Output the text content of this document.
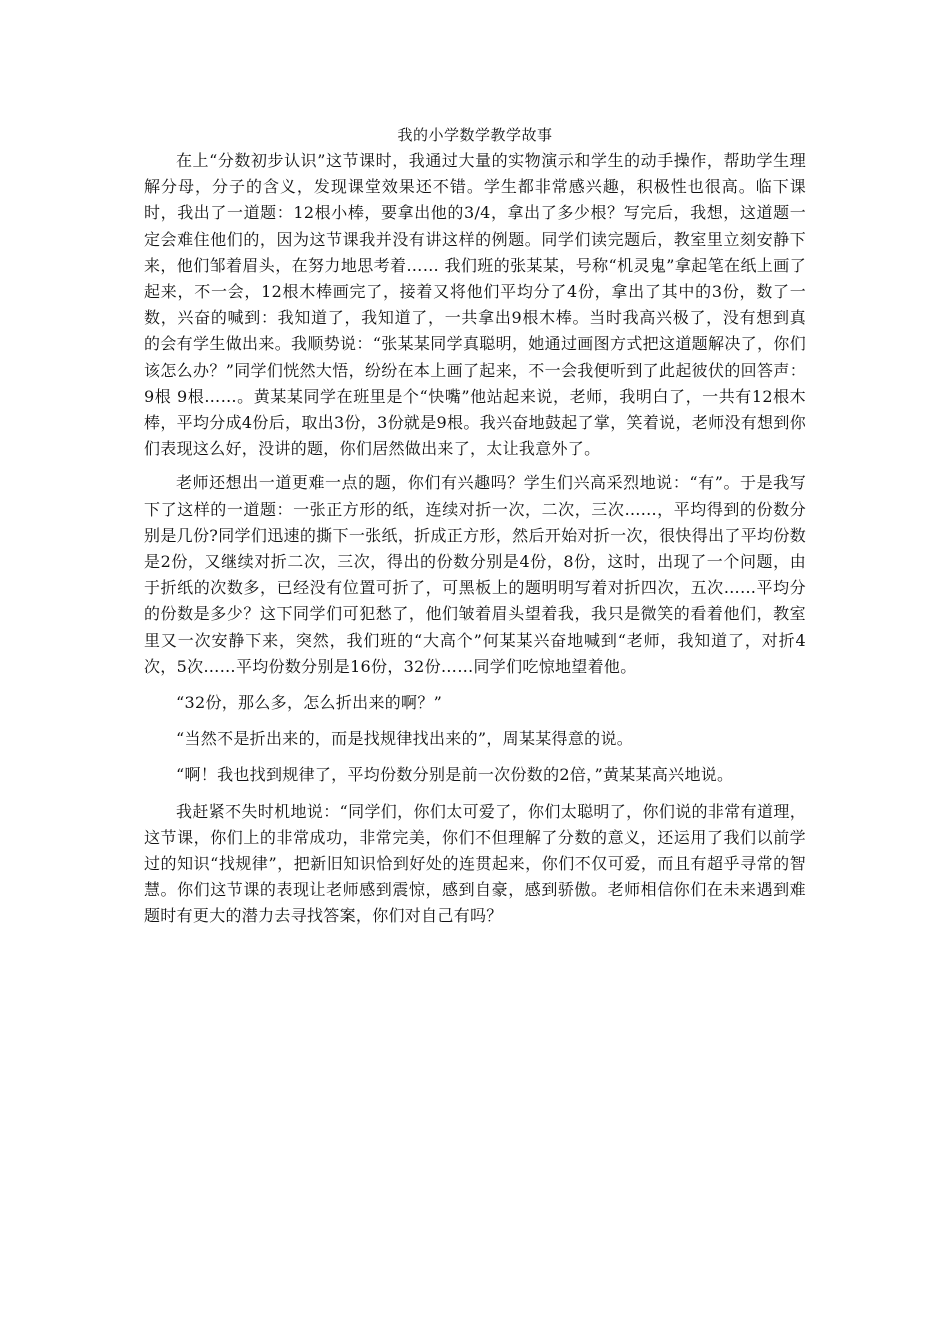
我的小学数学教学故事

在上“分数初步认识”这节课时，我通过大量的实物演示和学生的动手操作，帮助学生理解分母，分子的含义，发现课堂效果还不错。学生都非常感兴趣，积极性也很高。临下课时，我出了一道题：12根小棒，要拿出他的3/4，拿出了多少根？写完后，我想，这道题一定会难住他们的，因为这节课我并没有讲这样的例题。同学们读完题后，教室里立刻安静下来，他们邹着眉头，在努力地思考着…… 我们班的张某某，号称“机灵鬼”拿起笔在纸上画了起来，不一会，12根木棒画完了，接着又将他们平均分了4份，拿出了其中的3份，数了一数，兴奋的喊到：我知道了，我知道了，一共拿出9根木棒。当时我高兴极了，没有想到真的会有学生做出来。我顺势说：“张某某同学真聪明，她通过画图方式把这道题解决了，你们该怎么办？”同学们恍然大悟，纷纷在本上画了起来，不一会我便听到了此起彼伏的回答声：9根 9根……。黄某某同学在班里是个“快嘴”他站起来说，老师，我明白了，一共有12根木棒，平均分成4份后，取出3份，3份就是9根。我兴奋地鼓起了掌，笑着说，老师没有想到你们表现这么好，没讲的题，你们居然做出来了，太让我意外了。

老师还想出一道更难一点的题，你们有兴趣吗？学生们兴高采烈地说：“有”。于是我写下了这样的一道题：一张正方形的纸，连续对折一次，二次，三次…...，平均得到的份数分别是几份?同学们迅速的撕下一张纸，折成正方形，然后开始对折一次，很快得出了平均份数是2份，又继续对折二次，三次，得出的份数分别是4份，8份，这时，出现了一个问题，由于折纸的次数多，已经没有位置可折了，可黑板上的题明明写着对折四次，五次……平均分的份数是多少？这下同学们可犯愁了，他们皱着眉头望着我，我只是微笑的看着他们，教室里又一次安静下来，突然，我们班的“大高个”何某某兴奋地喊到“老师，我知道了，对折4次，5次……平均份数分别是16份，32份……同学们吃惊地望着他。

“32份，那么多，怎么折出来的啊？”

“当然不是折出来的，而是找规律找出来的”，周某某得意的说。

“啊！我也找到规律了，平均份数分别是前一次份数的2倍，”黄某某高兴地说。

我赶紧不失时机地说：“同学们，你们太可爱了，你们太聪明了，你们说的非常有道理，这节课，你们上的非常成功，非常完美，你们不但理解了分数的意义，还运用了我们以前学过的知识“找规律”，把新旧知识恰到好处的连贯起来，你们不仅可爱，而且有超乎寻常的智慧。你们这节课的表现让老师感到震惊，感到自豪，感到骄傲。老师相信你们在未来遇到难题时有更大的潜力去寻找答案，你们对自己有吗？
